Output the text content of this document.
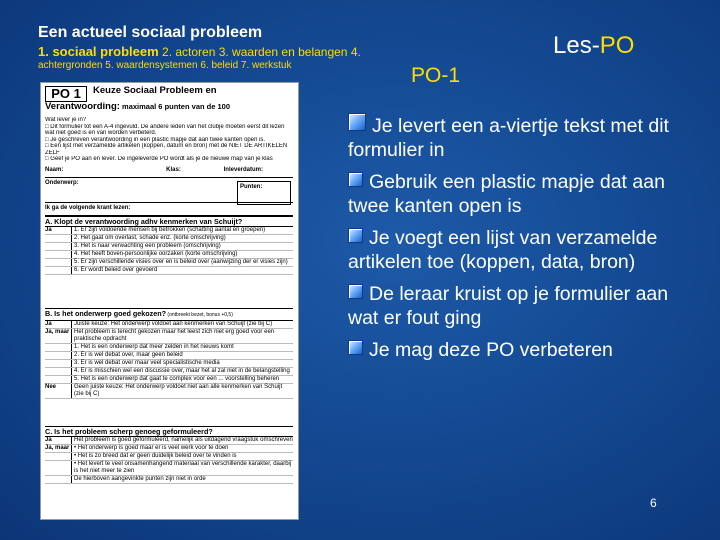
Een actueel sociaal probleem
1. sociaal probleem 2. actoren 3. waarden en belangen 4.
achtergronden 5. waardensystemen 6. beleid 7. werkstuk
Les-PO
PO-1
PO 1	Keuze Sociaal Probleem en
Verantwoording: maximaal 6 punten van de 100
Wat lever je in?
□ Dit formulier tot een A-4 ingevuld. De andere leden van het clubje moeten eerst dit lezen
wat niet goed is en van worden verbeterd.
□ Je geschreven verantwoording in een plastic mapje dat aan twee kanten open is.
□ Een lijst met verzamelde artikelen (koppen, datum en bron) met de NIET DE ARTIKELEN
ZELF
□ Geef je PO aan en lever. De ingeleverde PO wordt als je de nieuwe map van je klas
Naam:	Klas:	Inleverdatum:
Onderwerp:
Ik ga de volgende krant lezen:
Punten:
A. Klopt de verantwoording adhv kenmerken van Schuijt?
Ja	1. Er zijn voldoende mensen bij betrokken (schatting aantal en groepen)
2. Het gaat om overlast, schade enz. (korte omschrijving)
3. Het is naar verwachting een probleem (omschrijving)
4. Het heeft boven-persoonlijke oorzaken (korte omschrijving)
5. Er zijn verschillende visies over en is beleid over (aanwijzing der er visies zijn)
6. Er wordt beleid over gevoerd
B. Is het onderwerp goed gekozen? (ontbreekt bezet, bonus +0,5)
Ja	Juiste keuze: Het onderwerp voldoet aan kenmerken van Schuijt (zie bij C)
Ja, maar Het probleem is terecht gekozen maar het leest zich niet erg goed voor een praktische opdracht
1. Het is een onderwerp dat meer zelden in het nieuws komt
2. Er is wel debat over, maar geen beleid
3. Er is wel debat over maar veel specialistische media
4. Er is misschien wel een discussie over, maar het al zal niet in de belangstelling
5. Het is een onderwerp dat gaat te complex voor een ... voorstelling beheren
Nee	Geen juiste keuze: Het onderwerp voldoet niet aan alle kenmerken van Schuijt (zie bij C)
C. Is het probleem scherp genoeg geformuleerd?
Ja	Het probleem is goed geformuleerd, namelijk als uitdagend vraagstuk omschreven
Ja, maar • Het onderwerp is goed maar er is veel werk voor te doen
• Het is zo breed dat er geen duidelijk beleid over te vinden is
• Het levert te veel onsamenhangend materiaal van verschillende karakter, daarbij is het niet meer te zien
De hierboven aangevinkte punten zijn niet in orde
Je levert een a-viertje tekst met dit formulier in
Gebruik een plastic mapje dat aan twee kanten open is
Je voegt een lijst van verzamelde artikelen toe (koppen, data, bron)
De leraar kruist op je formulier aan wat er fout ging
Je mag deze PO verbeteren
6
